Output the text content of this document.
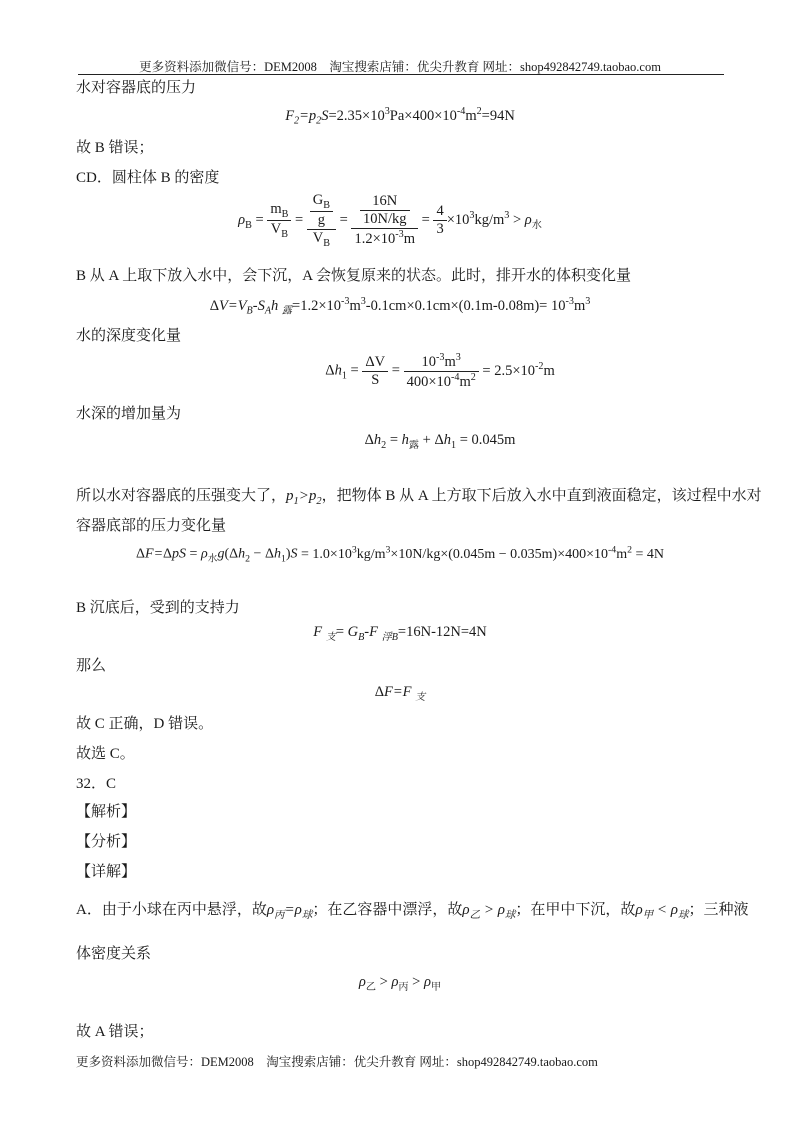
更多资料添加微信号：DEM2008　淘宝搜索店铺：优尖升教育 网址：shop492842749.taobao.com
水对容器底的压力
$F_2=p_2S=2.35\times 10^3Pa\times 400\times 10^{-4}m^2=94N$
故 B 错误；
CD．圆柱体 B 的密度
$\rho_B = \frac{m_B}{V_B} = \frac{\frac{G_B}{g}}{V_B} = \frac{\frac{16N}{10N/kg}}{1.2\times 10^{-3}m} = \frac{4}{3} \times 10^3kg/m^3 > \rho_水$
B 从 A 上取下放入水中，会下沉，A 会恢复原来的状态。此时，排开水的体积变化量
$\Delta V=V_B-S_Ah$ $_露=1.2\times 10^{-3}m^3-0.1cm\times 0.1cm\times(0.1m-0.08m)= 10^{-3}m^3$
水的深度变化量
$\Delta h_1 = \frac{\Delta V}{S} = \frac{10^{-3}m^3}{400\times 10^{-4}m^2} = 2.5\times 10^{-2}m$
水深的增加量为
$\Delta h_2 = h_露 + \Delta h_1 = 0.045m$
所以水对容器底的压强变大了，$p_1>p_2$，把物体 B 从 A 上方取下后放入水中直到液面稳定，该过程中水对
容器底部的压力变化量
$\Delta F=\Delta pS = \rho_水g(\Delta h_2 - \Delta h_1)S = 1.0\times 10^3kg/m^3\times 10N/kg\times(0.045m - 0.035m)\times 400\times 10^{-4}m^2 = 4N$
B 沉底后，受到的支持力
F $_支= G_B-F$ $_{浮B}$=16N-12N=4N
那么
ΔF=F $_支$
故 C 正确，D 错误。
故选 C。
32．C
【解析】
【分析】
【详解】
A．由于小球在丙中悬浮，故$\rho_丙=\rho_球$；在乙容器中漂浮，故$\rho_乙 > \rho_球$；在甲中下沉，故$\rho_甲 < \rho_球$；三种液
体密度关系
$\rho_乙 > \rho_丙 > \rho_甲$
故 A 错误；
更多资料添加微信号：DEM2008　淘宝搜索店铺：优尖升教育 网址：shop492842749.taobao.com
